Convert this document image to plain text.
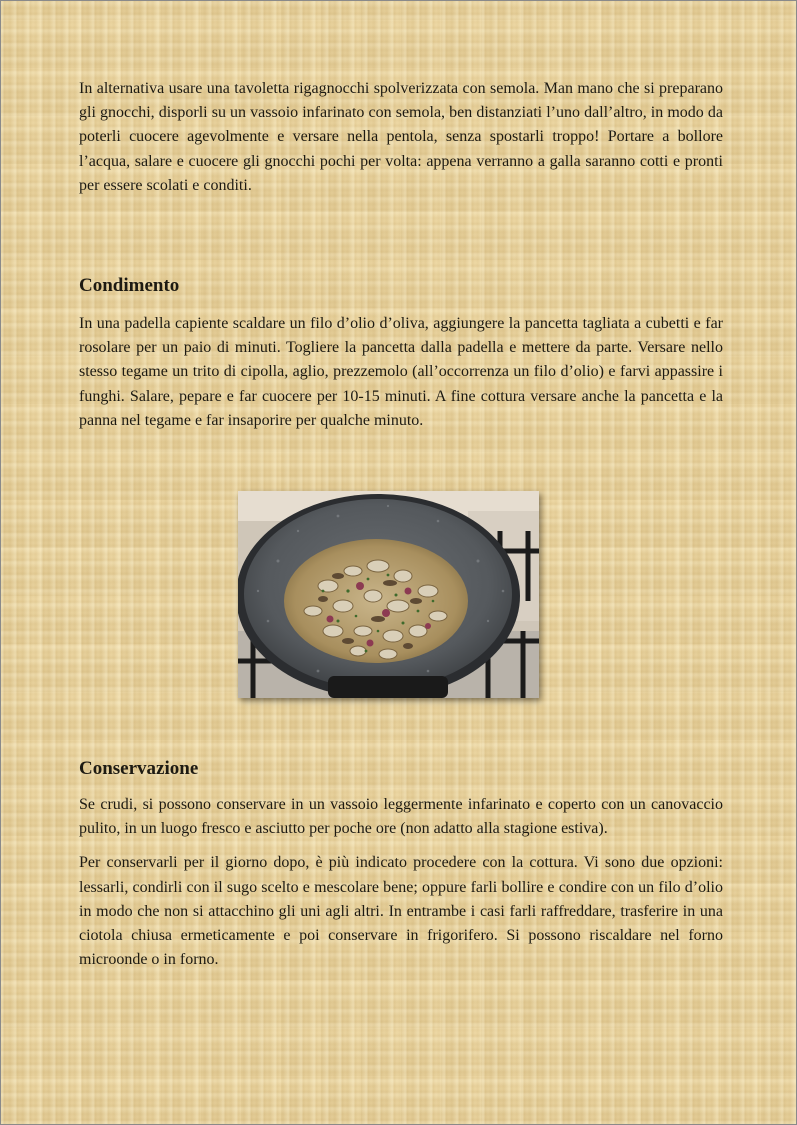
In alternativa usare una tavoletta rigagnocchi spolverizzata con semola. Man mano che si preparano gli gnocchi, disporli su un vassoio infarinato con semola, ben distanziati l’uno dall’altro, in modo da poterli cuocere agevolmente e versare nella pentola, senza spostarli troppo! Portare a bollore l’acqua, salare e cuocere gli gnocchi pochi per volta: appena verranno a galla saranno cotti e pronti per essere scolati e conditi.

Condimento

In una padella capiente scaldare un filo d’olio d’oliva, aggiungere la pancetta tagliata a cubetti e far rosolare per un paio di minuti. Togliere la pancetta dalla padella e mettere da parte. Versare nello stesso tegame un trito di cipolla, aglio, prezzemolo (all’occorrenza un filo d’olio) e farvi appassire i funghi. Salare, pepare e far cuocere per 10-15 minuti. A fine cottura versare anche la pancetta e la panna nel tegame e far insaporire per qualche minuto.

Conservazione

Se crudi, si possono conservare in un vassoio leggermente infarinato e coperto con un canovaccio pulito, in un luogo fresco e asciutto per poche ore (non adatto alla stagione estiva).

Per conservarli per il giorno dopo, è più indicato procedere con la cottura. Vi sono due opzioni: lessarli, condirli con il sugo scelto e mescolare bene; oppure farli bollire e condire con un filo d’olio in modo che non si attacchino gli uni agli altri. In entrambe i casi farli raffreddare, trasferire in una ciotola chiusa ermeticamente e poi conservare in frigorifero. Si possono riscaldare nel forno microonde o in forno.
